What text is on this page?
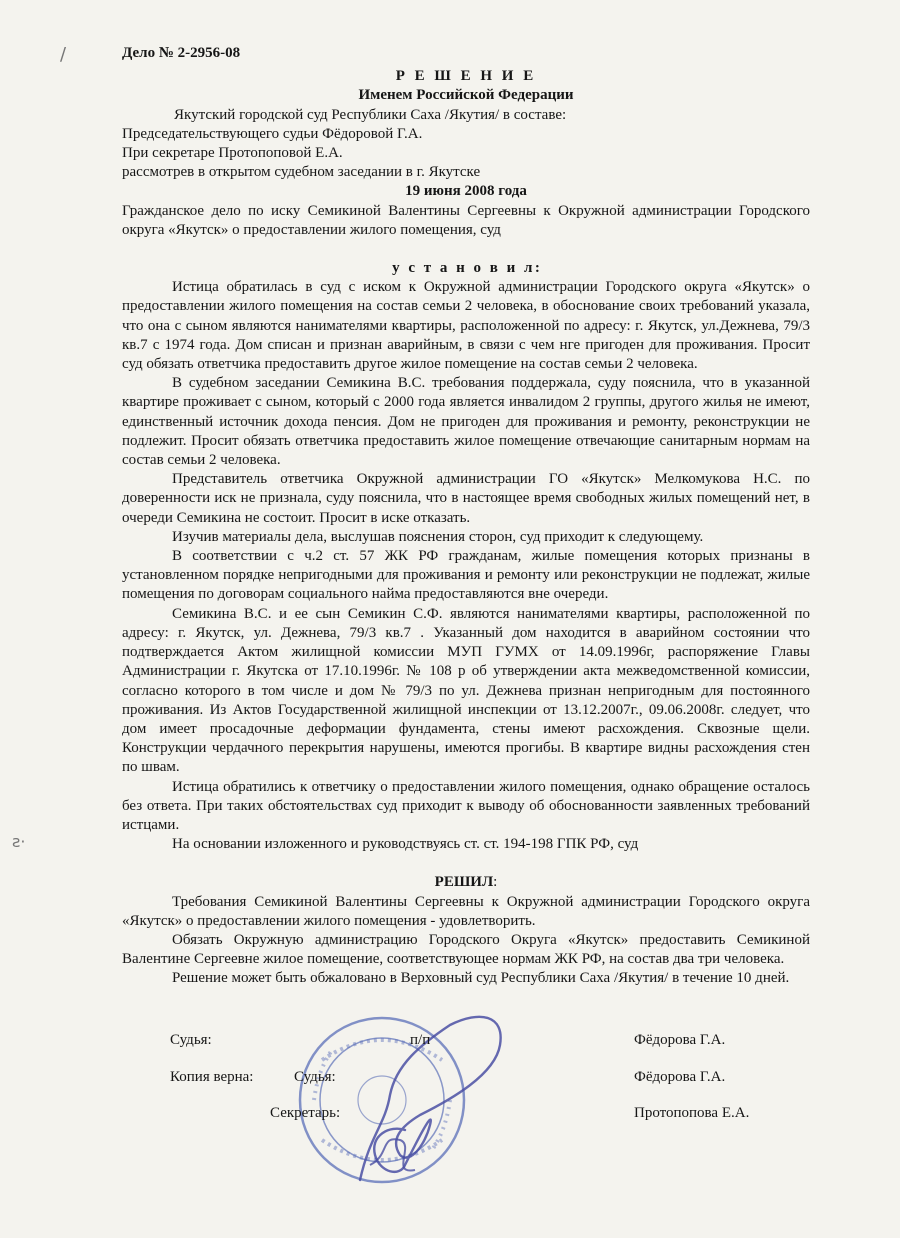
/
ƨ·
Дело № 2-2956-08
Р Е Ш Е Н И Е
Именем Российской Федерации
Якутский городской суд Республики Саха /Якутия/ в составе:
Председательствующего судьи Фёдоровой Г.А.
При секретаре Протопоповой Е.А.
рассмотрев в открытом судебном заседании в г. Якутске
19 июня 2008 года
Гражданское дело по иску Семикиной Валентины Сергеевны к Окружной администрации Городского округа «Якутск» о предоставлении жилого помещения, суд
у с т а н о в и л:
Истица обратилась в суд с иском к Окружной администрации Городского округа «Якутск» о предоставлении жилого помещения на состав семьи 2 человека, в обоснование своих требований указала, что она с сыном являются нанимателями квартиры, расположенной по адресу: г. Якутск, ул.Дежнева, 79/3 кв.7 с 1974 года. Дом списан и признан аварийным, в связи с чем нге пригоден для проживания. Просит суд обязать ответчика предоставить другое жилое помещение на состав семьи 2 человека.
В судебном заседании Семикина В.С. требования поддержала, суду пояснила, что в указанной квартире проживает с сыном, который с 2000 года является инвалидом 2 группы, другого жилья не имеют, единственный источник дохода пенсия. Дом не пригоден для проживания и ремонту, реконструкции не подлежит. Просит обязать ответчика предоставить жилое помещение отвечающие санитарным нормам на состав семьи 2 человека.
Представитель ответчика Окружной администрации ГО «Якутск» Мелкомукова Н.С. по доверенности иск не признала, суду пояснила, что в настоящее время свободных жилых помещений нет, в очереди Семикина не состоит. Просит в иске отказать.
Изучив материалы дела, выслушав пояснения сторон, суд приходит к следующему.
В соответствии с ч.2 ст. 57 ЖК РФ гражданам, жилые помещения которых признаны в установленном порядке непригодными для проживания и ремонту или реконструкции не подлежат, жилые помещения по договорам социального найма предоставляются вне очереди.
Семикина В.С. и ее сын Семикин С.Ф. являются нанимателями квартиры, расположенной по адресу: г. Якутск, ул. Дежнева, 79/3 кв.7 . Указанный дом находится в аварийном состоянии что подтверждается Актом жилищной комиссии МУП ГУМХ от 14.09.1996г, распоряжение Главы Администрации г. Якутска от 17.10.1996г. № 108 р об утверждении акта межведомственной комиссии, согласно которого в том числе и дом № 79/3 по ул. Дежнева признан непригодным для постоянного проживания. Из Актов Государственной жилищной инспекции от 13.12.2007г., 09.06.2008г. следует, что дом имеет просадочные деформации фундамента, стены имеют расхождения. Сквозные щели. Конструкции чердачного перекрытия нарушены, имеются прогибы. В квартире видны расхождения стен по швам.
Истица обратились к ответчику о предоставлении жилого помещения, однако обращение осталось без ответа. При таких обстоятельствах суд приходит к выводу об обоснованности заявленных требований истцами.
На основании изложенного и руководствуясь ст. ст. 194-198 ГПК РФ, суд
РЕШИЛ:
Требования Семикиной Валентины Сергеевны к Окружной администрации Городского округа «Якутск» о предоставлении жилого помещения - удовлетворить.
Обязать Окружную администрацию Городского Округа «Якутск» предоставить Семикиной Валентине Сергеевне жилое помещение, соответствующее нормам ЖК РФ, на состав два три человека.
Решение может быть обжаловано в Верховный суд Республики Саха /Якутия/ в течение 10 дней.
Судья:	п/п	Фёдорова Г.А.
Копия верна:	Судья:	Фёдорова Г.А.
Секретарь:	Протопопова Е.А.
